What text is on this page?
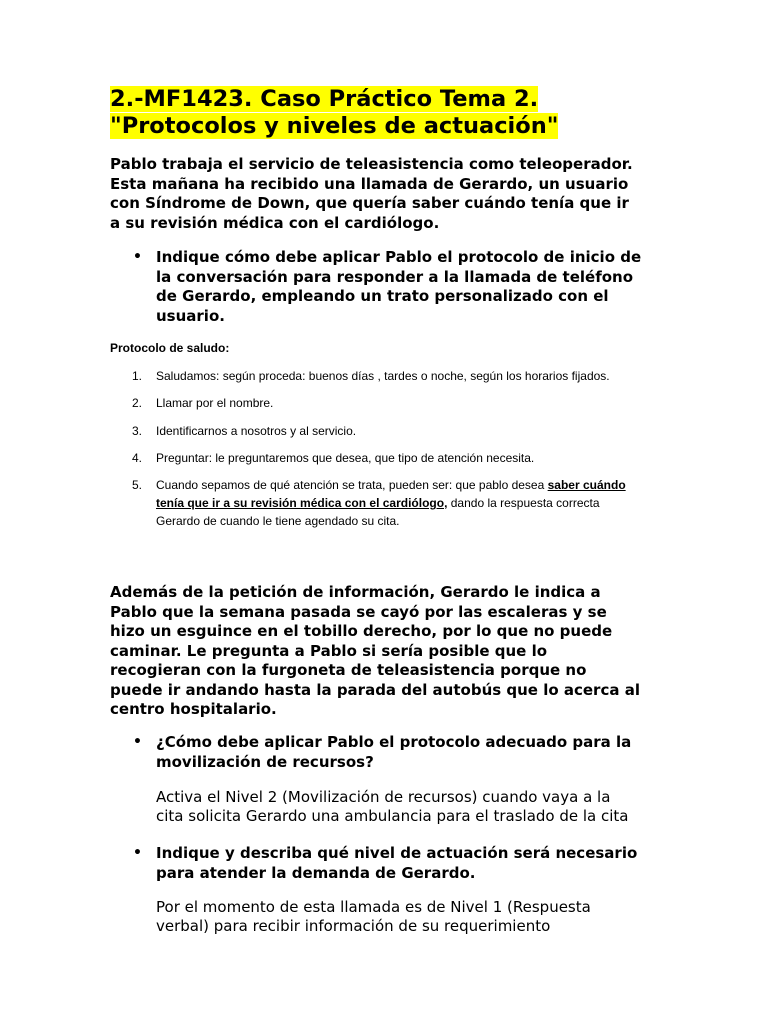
2.-MF1423. Caso Práctico Tema 2.
"Protocolos y niveles de actuación"

Pablo trabaja el servicio de teleasistencia como teleoperador.
Esta mañana ha recibido una llamada de Gerardo, un usuario
con Síndrome de Down, que quería saber cuándo tenía que ir
a su revisión médica con el cardiólogo.

• Indique cómo debe aplicar Pablo el protocolo de inicio de
la conversación para responder a la llamada de teléfono
de Gerardo, empleando un trato personalizado con el
usuario.

Protocolo de saludo:

1. Saludamos: según proceda: buenos días , tardes o noche, según los horarios fijados.
2. Llamar por el nombre.
3. Identificarnos a nosotros y al servicio.
4. Preguntar: le preguntaremos que desea, que tipo de atención necesita.
5. Cuando sepamos de qué atención se trata, pueden ser: que pablo desea saber cuándo
tenía que ir a su revisión médica con el cardiólogo, dando la respuesta correcta
Gerardo de cuando le tiene agendado su cita.

Además de la petición de información, Gerardo le indica a
Pablo que la semana pasada se cayó por las escaleras y se
hizo un esguince en el tobillo derecho, por lo que no puede
caminar. Le pregunta a Pablo si sería posible que lo
recogieran con la furgoneta de teleasistencia porque no
puede ir andando hasta la parada del autobús que lo acerca al
centro hospitalario.

• ¿Cómo debe aplicar Pablo el protocolo adecuado para la
movilización de recursos?

Activa el Nivel 2 (Movilización de recursos) cuando vaya a la
cita solicita Gerardo una ambulancia para el traslado de la cita

• Indique y describa qué nivel de actuación será necesario
para atender la demanda de Gerardo.

Por el momento de esta llamada es de Nivel 1 (Respuesta
verbal) para recibir información de su requerimiento
